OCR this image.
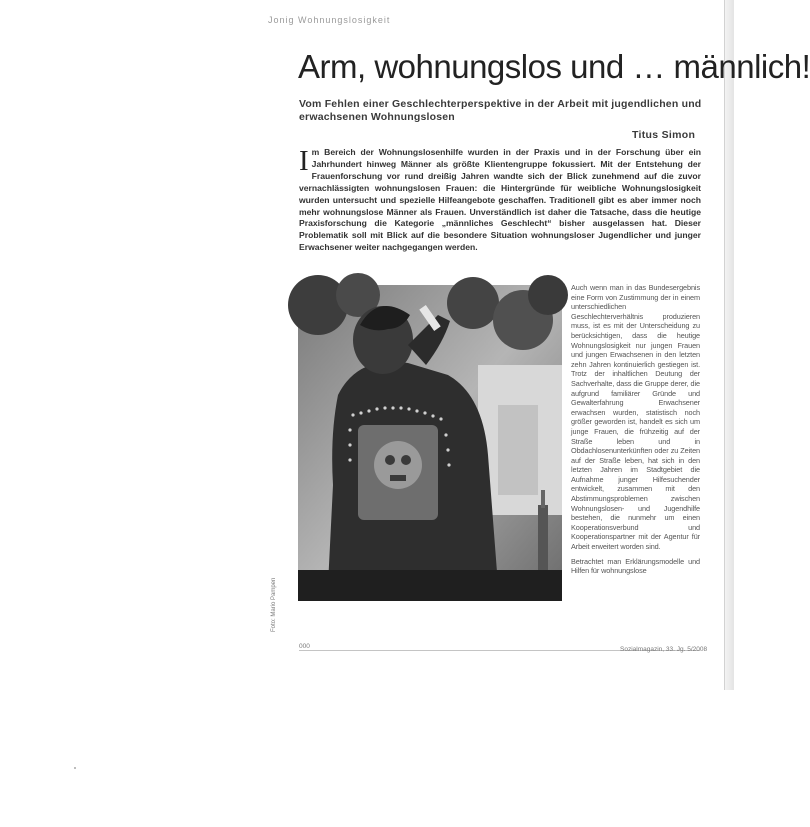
Jonig Wohnungslosigkeit
Arm, wohnungslos und … männlich!
Vom Fehlen einer Geschlechterperspektive in der Arbeit mit jugendlichen und erwachsenen Wohnungslosen
Titus Simon
I m Bereich der Wohnungslosenhilfe wurden in der Praxis und in der Forschung über ein Jahrhundert hinweg Männer als größte Klientengruppe fokussiert. Mit der Entstehung der Frauenforschung vor rund dreißig Jahren wandte sich der Blick zunehmend auf die zuvor vernachlässigten wohnungslosen Frauen: die Hintergründe für weibliche Wohnungslosigkeit wurden untersucht und spezielle Hilfeangebote geschaffen. Traditionell gibt es aber immer noch mehr wohnungslose Männer als Frauen. Unverständlich ist daher die Tatsache, dass die heutige Praxisforschung die Kategorie „männliches Geschlecht“ bisher ausgelassen hat. Dieser Problematik soll mit Blick auf die besondere Situation wohnungsloser Jugendlicher und junger Erwachsener weiter nachgegangen werden.
Foto: Mario Pampen

Auch wenn man in das Bundesergebnis eine Form von Zustimmung der in einem unterschiedlichen Geschlechterverhältnis produzieren muss, ist es mit der Unterscheidung zu berücksichtigen, dass die heutige Wohnungslosigkeit nur jungen Frauen und jungen Erwachsenen in den letzten zehn Jahren kontinuierlich gestiegen ist. Trotz der inhaltlichen Deutung der Sachverhalte, dass die Gruppe derer, die aufgrund familiärer Gründe und Gewalterfahrung Erwachsener erwachsen wurden, statistisch noch größer geworden ist, handelt es sich um junge Frauen, die frühzeitig auf der Straße leben und in Obdachlosenunterkünften oder zu Zeiten auf der Straße leben, hat sich in den letzten Jahren im Stadtgebiet die Aufnahme junger Hilfesuchender entwickelt, zusammen mit den Abstimmungsproblemen zwischen Wohnungslosen- und Jugendhilfe bestehen, die nunmehr um einen Kooperationsverbund und Kooperationspartner mit der Agentur für Arbeit erweitert worden sind.

Betrachtet man Erklärungsmodelle und Hilfen für wohnungslose

000	Sozialmagazin, 33. Jg. 5/2008
